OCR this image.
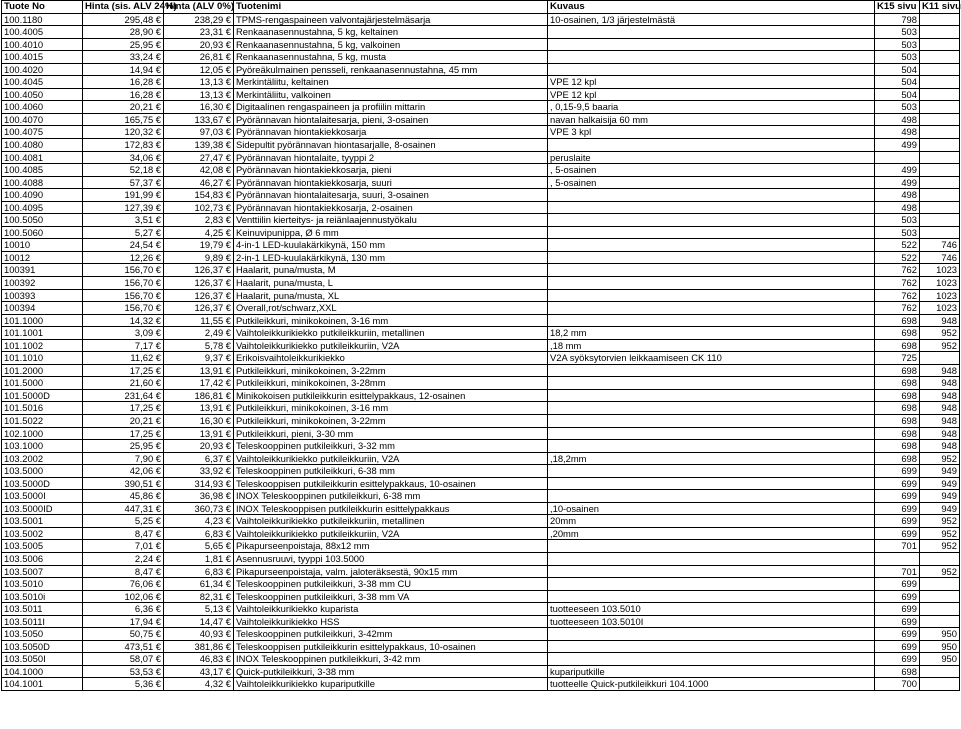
Tuote No	Hinta (sis. ALV 24%)	Hinta (ALV 0%)	Tuotenimi	Kuvaus	K15 sivu	K11 sivu
100.1180	295,48 €	238,29 €	TPMS-rengaspaineen valvontajärjestelmäsarja	10-osainen, 1/3 järjestelmästä	798	
100.4005	28,90 €	23,31 €	Renkaanasennustahna, 5 kg, keltainen		503	
100.4010	25,95 €	20,93 €	Renkaanasennustahna, 5 kg, valkoinen		503	
100.4015	33,24 €	26,81 €	Renkaanasennustahna, 5 kg, musta		503	
100.4020	14,94 €	12,05 €	Pyöreäkulmainen pensseli, renkaanasennustahna, 45 mm		504	
100.4045	16,28 €	13,13 €	Merkintäliitu, keltainen	VPE 12 kpl	504	
100.4050	16,28 €	13,13 €	Merkintäliitu, valkoinen	VPE 12 kpl	504	
100.4060	20,21 €	16,30 €	Digitaalinen rengaspaineen ja profiilin mittarin	, 0,15-9,5 baaria	503	
100.4070	165,75 €	133,67 €	Pyörännavan hiontalaitesarja, pieni, 3-osainen	navan halkaisija 60 mm	498	
100.4075	120,32 €	97,03 €	Pyörännavan hiontakiekkosarja	VPE 3 kpl	498	
100.4080	172,83 €	139,38 €	Sidepultit pyörännavan hiontasarjalle, 8-osainen		499	
100.4081	34,06 €	27,47 €	Pyörännavan hiontalaite, tyyppi 2	peruslaite		
100.4085	52,18 €	42,08 €	Pyörännavan hiontakiekkosarja, pieni	, 5-osainen	499	
100.4088	57,37 €	46,27 €	Pyörännavan hiontakiekkosarja, suuri	, 5-osainen	499	
100.4090	191,99 €	154,83 €	Pyörännavan hiontalaitesarja, suuri, 3-osainen		498	
100.4095	127,39 €	102,73 €	Pyörännavan hiontakiekkosarja, 2-osainen		498	
100.5050	3,51 €	2,83 €	Venttiilin kierteitys- ja reiänlaajennustyökalu		503	
100.5060	5,27 €	4,25 €	Keinuvipunippa, Ø 6 mm		503	
10010	24,54 €	19,79 €	4-in-1 LED-kuulakärkikynä, 150 mm		522	746
10012	12,26 €	9,89 €	2-in-1 LED-kuulakärkikynä, 130 mm		522	746
100391	156,70 €	126,37 €	Haalarit, puna/musta, M		762	1023
100392	156,70 €	126,37 €	Haalarit, puna/musta, L		762	1023
100393	156,70 €	126,37 €	Haalarit, puna/musta, XL		762	1023
100394	156,70 €	126,37 €	Overall,rot/schwarz,XXL		762	1023
101.1000	14,32 €	11,55 €	Putkileikkuri, minikokoinen, 3-16 mm		698	948
101.1001	3,09 €	2,49 €	Vaihtoleikkurikiekko putkileikkuriin, metallinen	18,2 mm	698	952
101.1002	7,17 €	5,78 €	Vaihtoleikkurikiekko putkileikkuriin, V2A	,18 mm	698	952
101.1010	11,62 €	9,37 €	Erikoisvaihtoleikkurikiekko	V2A syöksytorvien leikkaamiseen CK 110	725	
101.2000	17,25 €	13,91 €	Putkileikkuri, minikokoinen, 3-22mm		698	948
101.5000	21,60 €	17,42 €	Putkileikkuri, minikokoinen, 3-28mm		698	948
101.5000D	231,64 €	186,81 €	Minikokoisen putkileikkurin esittelypakkaus, 12-osainen		698	948
101.5016	17,25 €	13,91 €	Putkileikkuri, minikokoinen, 3-16 mm		698	948
101.5022	20,21 €	16,30 €	Putkileikkuri, minikokoinen, 3-22mm		698	948
102.1000	17,25 €	13,91 €	Putkileikkuri, pieni, 3-30 mm		698	948
103.1000	25,95 €	20,93 €	Teleskooppinen putkileikkuri, 3-32 mm		698	948
103.2002	7,90 €	6,37 €	Vaihtoleikkurikiekko putkileikkuriin, V2A	,18,2mm	698	952
103.5000	42,06 €	33,92 €	Teleskooppinen putkileikkuri, 6-38 mm		699	949
103.5000D	390,51 €	314,93 €	Teleskooppisen putkileikkurin esittelypakkaus, 10-osainen		699	949
103.5000I	45,86 €	36,98 €	INOX Teleskooppinen putkileikkuri, 6-38 mm		699	949
103.5000ID	447,31 €	360,73 €	INOX Teleskooppisen putkileikkurin esittelypakkaus	,10-osainen	699	949
103.5001	5,25 €	4,23 €	Vaihtoleikkurikiekko putkileikkuriin, metallinen	20mm	699	952
103.5002	8,47 €	6,83 €	Vaihtoleikkurikiekko putkileikkuriin, V2A	,20mm	699	952
103.5005	7,01 €	5,65 €	Pikapurseenpoistaja, 88x12 mm		701	952
103.5006	2,24 €	1,81 €	Asennusruuvi, tyyppi 103.5000			
103.5007	8,47 €	6,83 €	Pikapurseenpoistaja, valm. jaloteräksestä, 90x15 mm		701	952
103.5010	76,06 €	61,34 €	Teleskooppinen putkileikkuri, 3-38 mm CU		699	
103.5010i	102,06 €	82,31 €	Teleskooppinen putkileikkuri, 3-38 mm VA		699	
103.5011	6,36 €	5,13 €	Vaihtoleikkurikiekko kuparista	tuotteeseen 103.5010	699	
103.5011I	17,94 €	14,47 €	Vaihtoleikkurikiekko HSS	tuotteeseen 103.5010I	699	
103.5050	50,75 €	40,93 €	Teleskooppinen putkileikkuri, 3-42mm		699	950
103.5050D	473,51 €	381,86 €	Teleskooppisen putkileikkurin esittelypakkaus, 10-osainen		699	950
103.5050I	58,07 €	46,83 €	INOX Teleskooppinen putkileikkuri, 3-42 mm		699	950
104.1000	53,53 €	43,17 €	Quick-putkileikkuri, 3-38 mm	kupariputkille	698	
104.1001	5,36 €	4,32 €	Vaihtoleikkurikiekko kupariputkille	tuotteelle Quick-putkileikkuri 104.1000	700	
